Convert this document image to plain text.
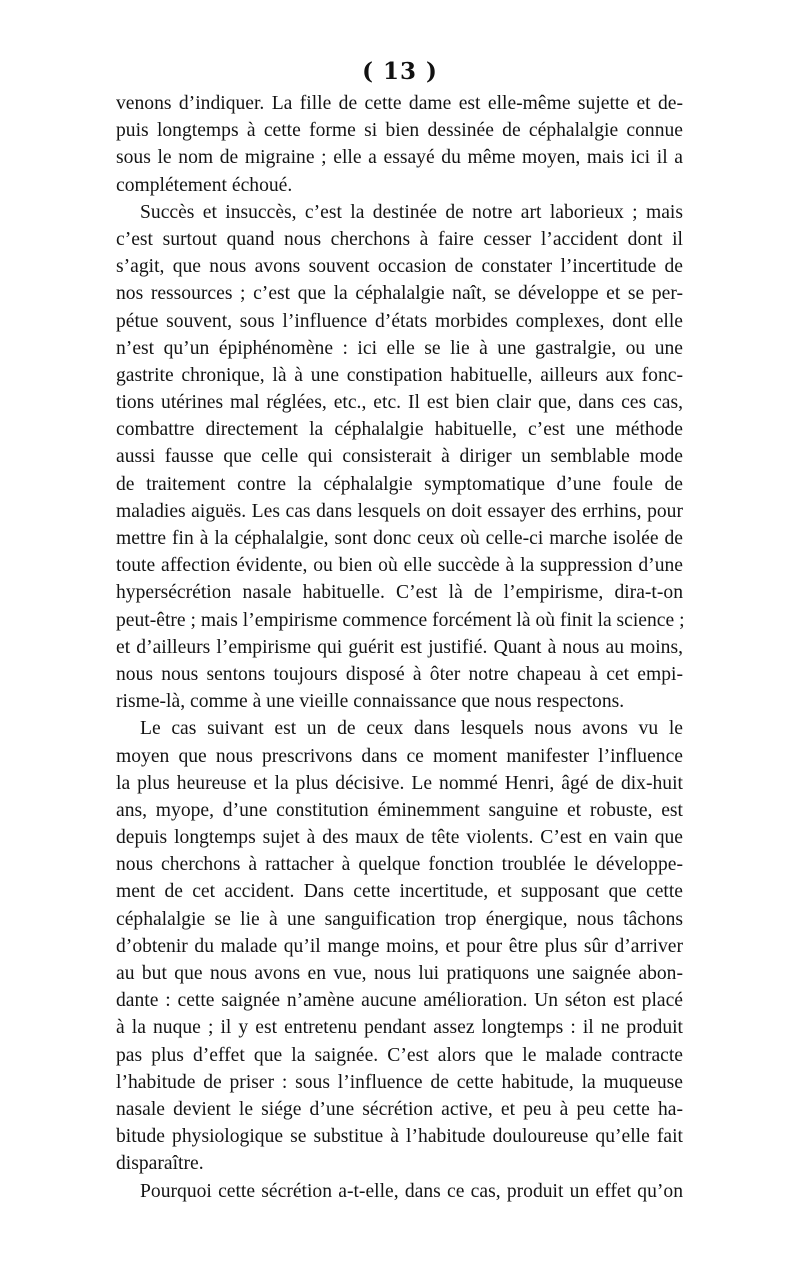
( 13 )
venons d’indiquer. La fille de cette dame est elle-même sujette et de-
puis longtemps à cette forme si bien dessinée de céphalalgie connue
sous le nom de migraine ; elle a essayé du même moyen, mais ici il a
complétement échoué.
Succès et insuccès, c’est la destinée de notre art laborieux ; mais
c’est surtout quand nous cherchons à faire cesser l’accident dont il
s’agit, que nous avons souvent occasion de constater l’incertitude de
nos ressources ; c’est que la céphalalgie naît, se développe et se per-
pétue souvent, sous l’influence d’états morbides complexes, dont elle
n’est qu’un épiphénomène : ici elle se lie à une gastralgie, ou une
gastrite chronique, là à une constipation habituelle, ailleurs aux fonc-
tions utérines mal réglées, etc., etc. Il est bien clair que, dans ces cas,
combattre directement la céphalalgie habituelle, c’est une méthode
aussi fausse que celle qui consisterait à diriger un semblable mode
de traitement contre la céphalalgie symptomatique d’une foule de
maladies aiguës. Les cas dans lesquels on doit essayer des errhins, pour
mettre fin à la céphalalgie, sont donc ceux où celle-ci marche isolée de
toute affection évidente, ou bien où elle succède à la suppression d’une
hypersécrétion nasale habituelle. C’est là de l’empirisme, dira-t-on
peut-être ; mais l’empirisme commence forcément là où finit la science ;
et d’ailleurs l’empirisme qui guérit est justifié. Quant à nous au moins,
nous nous sentons toujours disposé à ôter notre chapeau à cet empi-
risme-là, comme à une vieille connaissance que nous respectons.
Le cas suivant est un de ceux dans lesquels nous avons vu le
moyen que nous prescrivons dans ce moment manifester l’influence
la plus heureuse et la plus décisive. Le nommé Henri, âgé de dix-huit
ans, myope, d’une constitution éminemment sanguine et robuste, est
depuis longtemps sujet à des maux de tête violents. C’est en vain que
nous cherchons à rattacher à quelque fonction troublée le développe-
ment de cet accident. Dans cette incertitude, et supposant que cette
céphalalgie se lie à une sanguification trop énergique, nous tâchons
d’obtenir du malade qu’il mange moins, et pour être plus sûr d’arriver
au but que nous avons en vue, nous lui pratiquons une saignée abon-
dante : cette saignée n’amène aucune amélioration. Un séton est placé
à la nuque ; il y est entretenu pendant assez longtemps : il ne produit
pas plus d’effet que la saignée. C’est alors que le malade contracte
l’habitude de priser : sous l’influence de cette habitude, la muqueuse
nasale devient le siége d’une sécrétion active, et peu à peu cette ha-
bitude physiologique se substitue à l’habitude douloureuse qu’elle fait
disparaître.
Pourquoi cette sécrétion a-t-elle, dans ce cas, produit un effet qu’on
